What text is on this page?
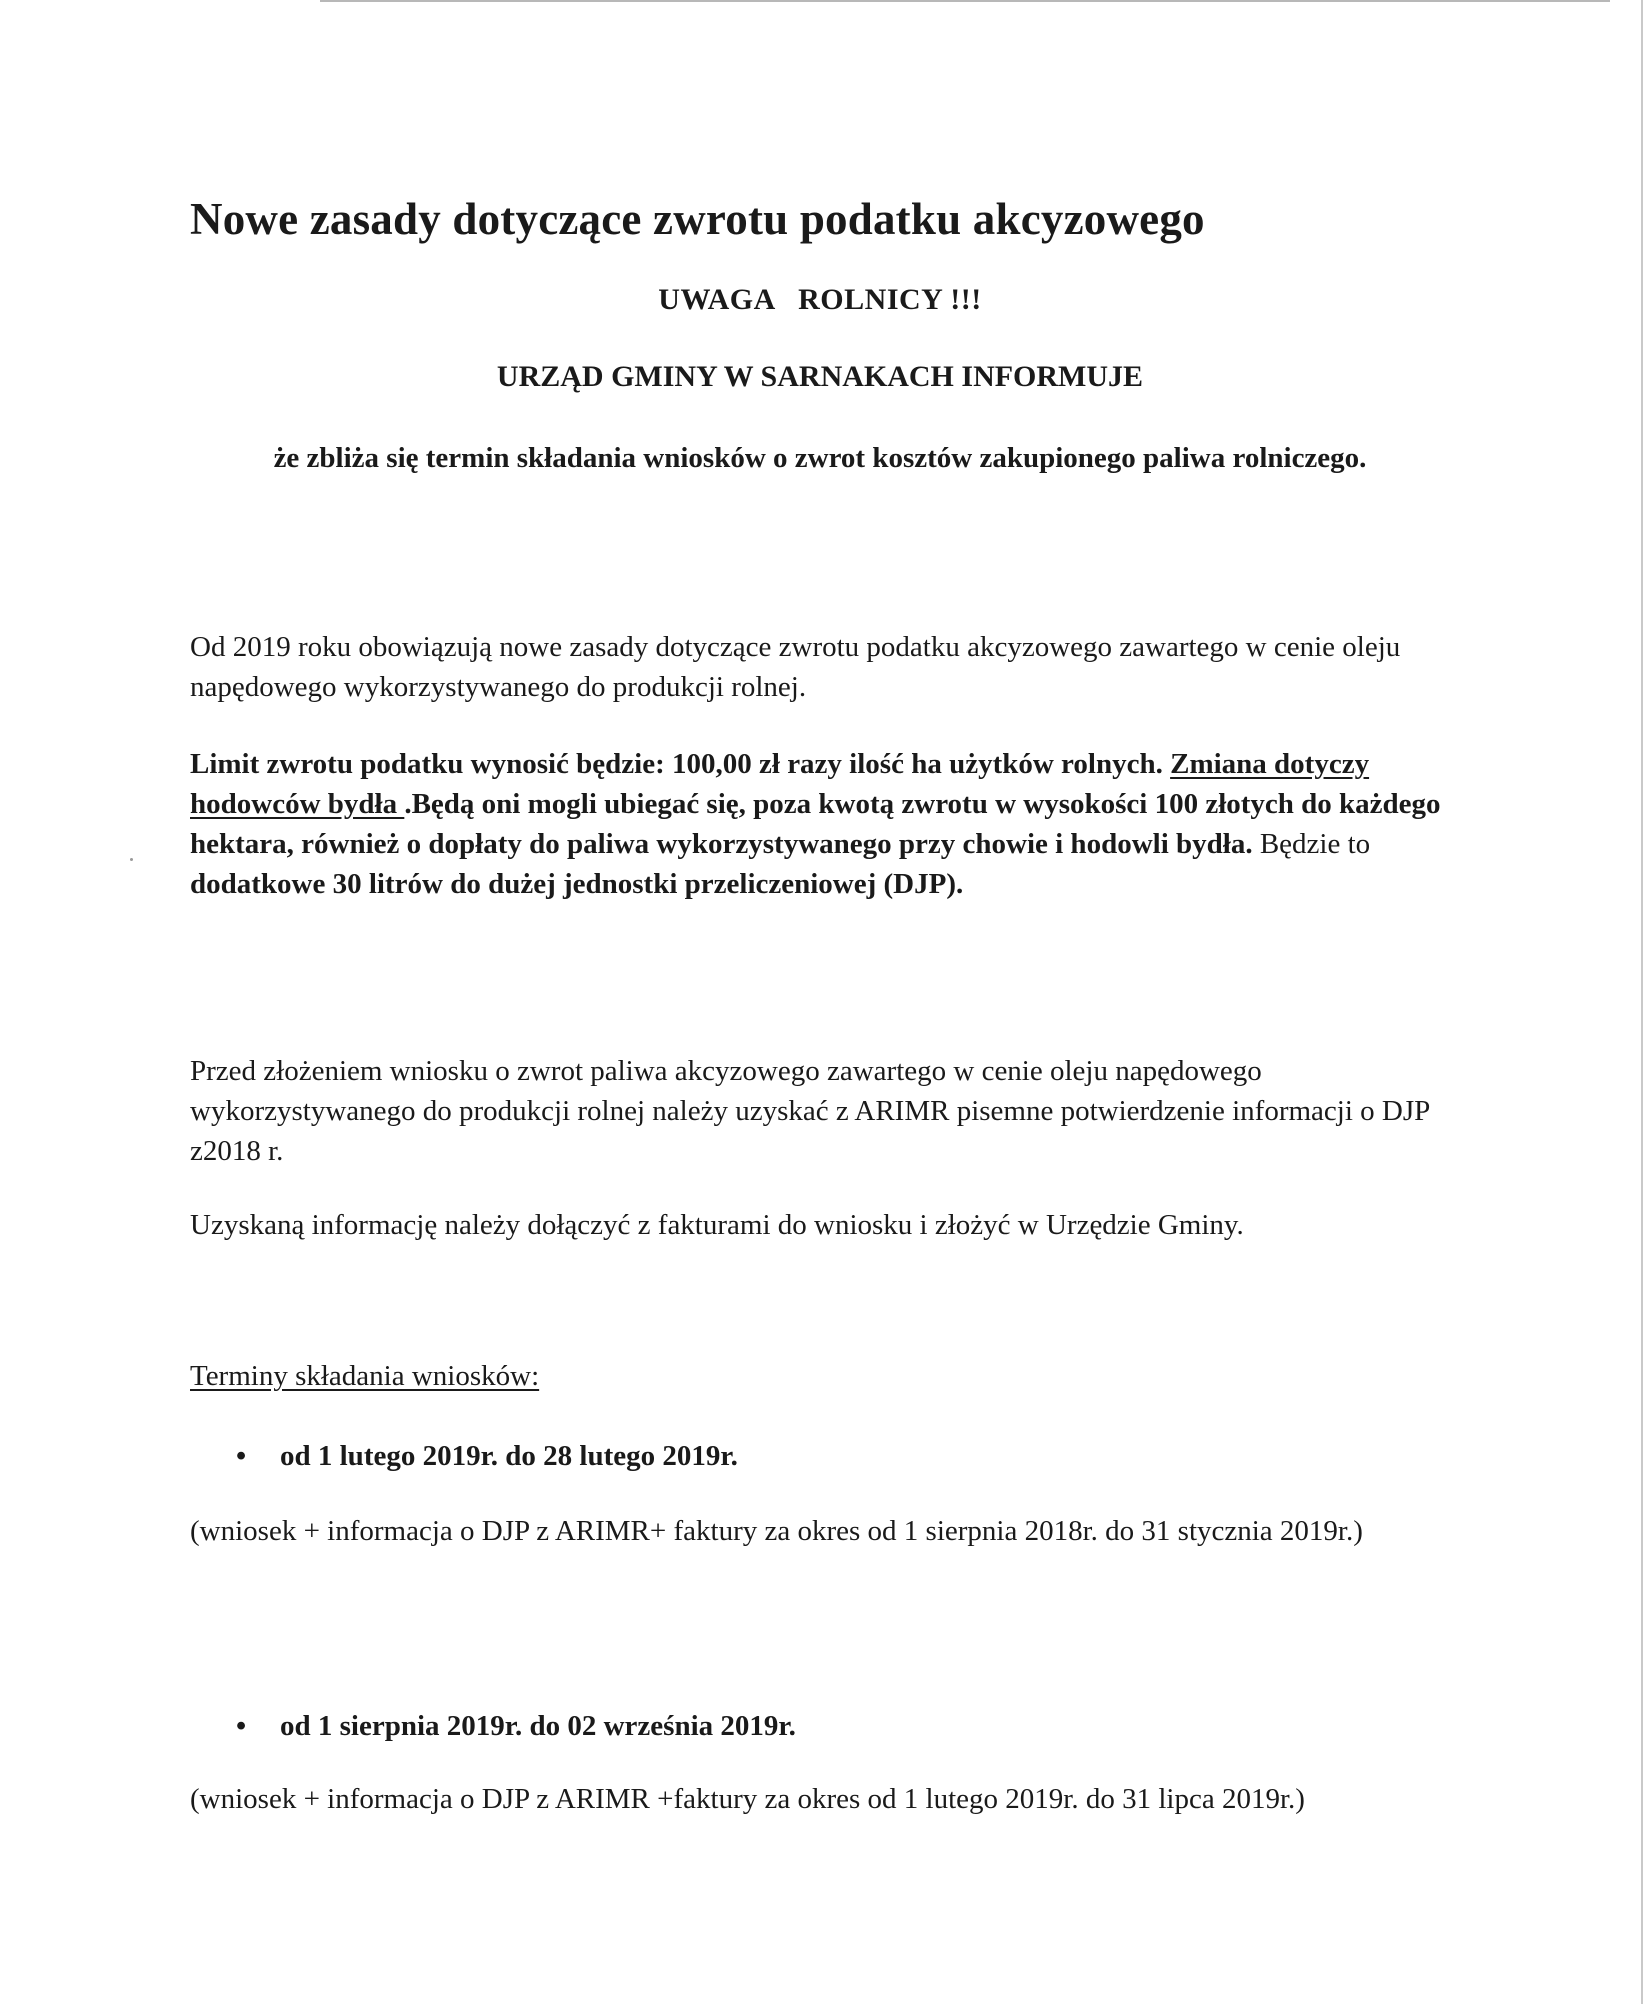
Nowe zasady dotyczące zwrotu podatku akcyzowego

UWAGA   ROLNICY !!!

URZĄD GMINY W SARNAKACH INFORMUJE

że zbliża się termin składania wniosków o zwrot kosztów zakupionego paliwa rolniczego.

Od 2019 roku obowiązują nowe zasady dotyczące zwrotu podatku akcyzowego zawartego w cenie oleju napędowego wykorzystywanego do produkcji rolnej.

Limit zwrotu podatku wynosić będzie: 100,00 zł razy ilość ha użytków rolnych. Zmiana dotyczy hodowców bydła .Będą oni mogli ubiegać się, poza kwotą zwrotu w wysokości 100 złotych do każdego hektara, również o dopłaty do paliwa wykorzystywanego przy chowie i hodowli bydła. Będzie to dodatkowe 30 litrów do dużej jednostki przeliczeniowej (DJP).

Przed złożeniem wniosku o zwrot paliwa akcyzowego zawartego w cenie oleju napędowego wykorzystywanego do produkcji rolnej należy uzyskać z ARIMR pisemne potwierdzenie informacji o DJP z2018 r.

Uzyskaną informację należy dołączyć z fakturami do wniosku i złożyć w Urzędzie Gminy.

Terminy składania wniosków:

• od 1 lutego 2019r. do 28 lutego 2019r.

(wniosek + informacja o DJP z ARIMR+ faktury za okres od 1 sierpnia 2018r. do 31 stycznia 2019r.)

• od 1 sierpnia 2019r. do 02 września 2019r.

(wniosek + informacja o DJP z ARIMR +faktury za okres od 1 lutego 2019r. do 31 lipca 2019r.)
